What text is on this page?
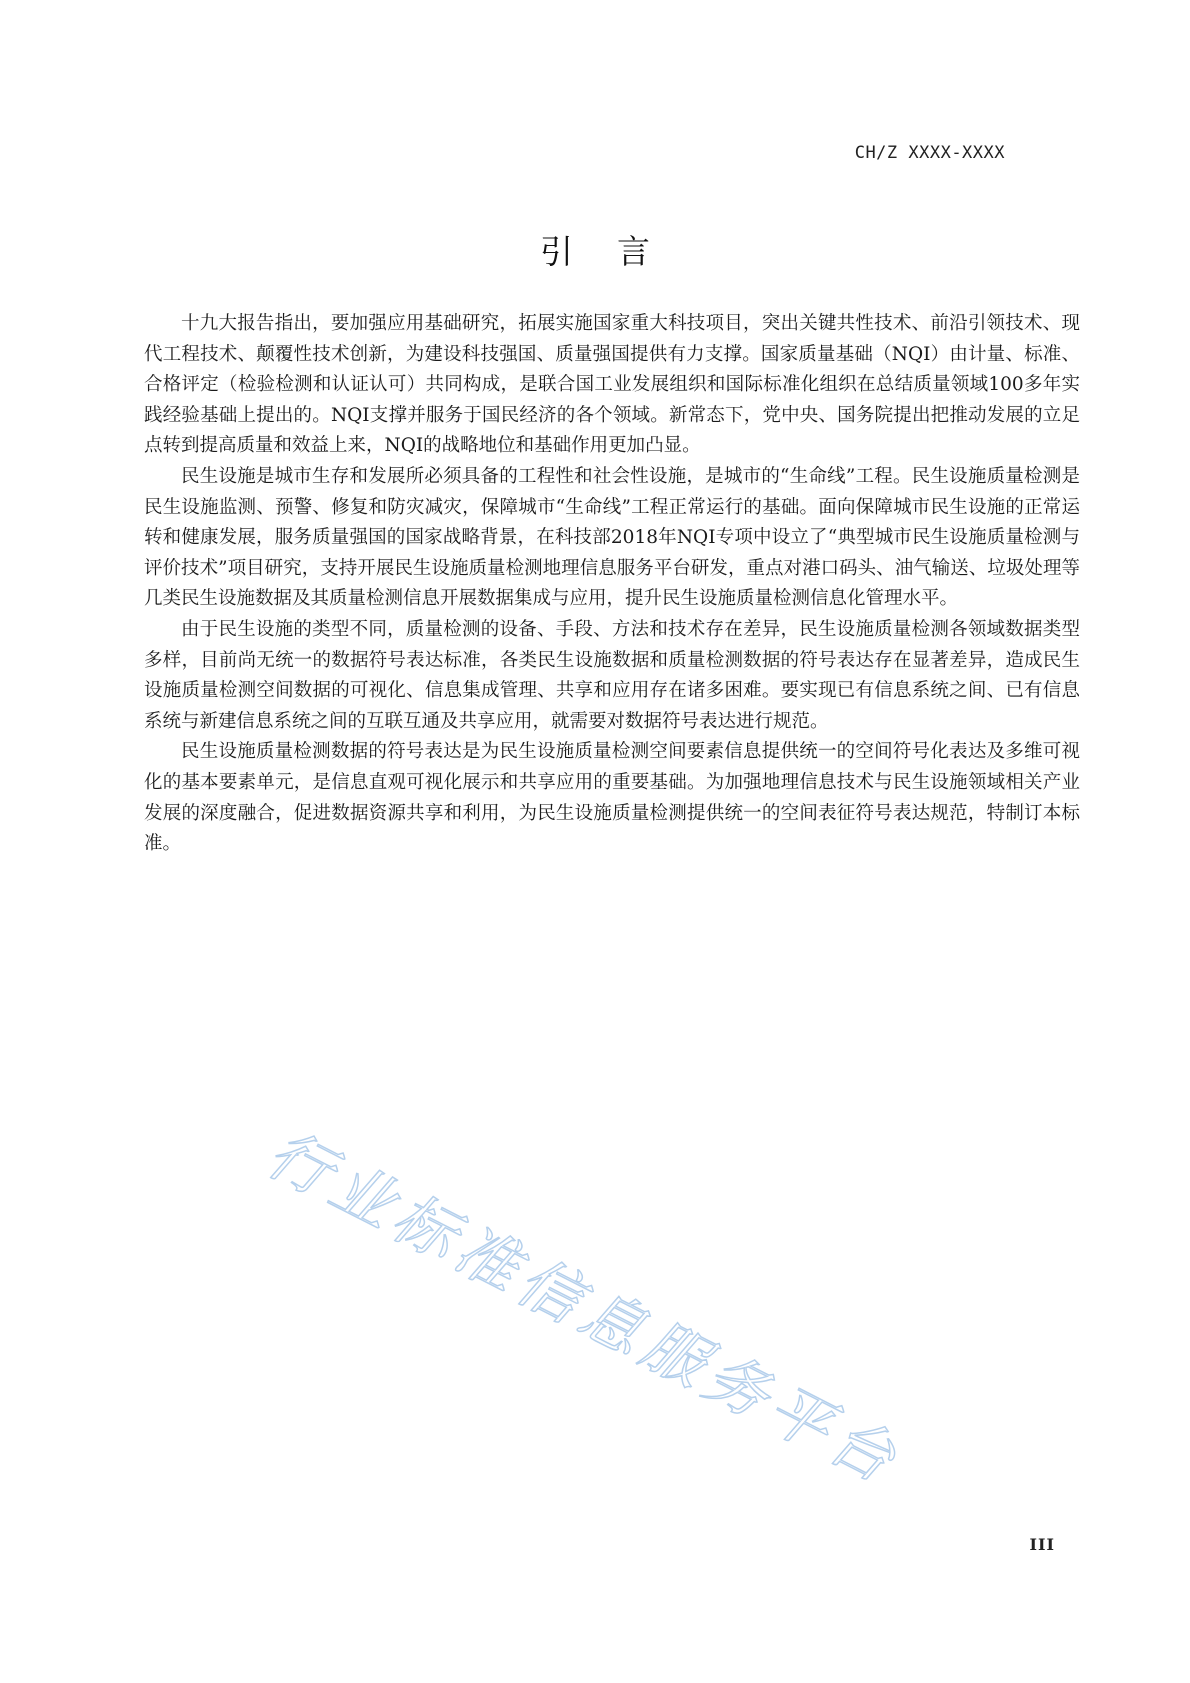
CH/Z XXXX-XXXX
引言

十九大报告指出，要加强应用基础研究，拓展实施国家重大科技项目，突出关键共性技术、前沿引领技术、现代工程技术、颠覆性技术创新，为建设科技强国、质量强国提供有力支撑。国家质量基础（NQI）由计量、标准、合格评定（检验检测和认证认可）共同构成，是联合国工业发展组织和国际标准化组织在总结质量领域100多年实践经验基础上提出的。NQI支撑并服务于国民经济的各个领域。新常态下，党中央、国务院提出把推动发展的立足点转到提高质量和效益上来，NQI的战略地位和基础作用更加凸显。

民生设施是城市生存和发展所必须具备的工程性和社会性设施，是城市的“生命线”工程。民生设施质量检测是民生设施监测、预警、修复和防灾减灾，保障城市“生命线”工程正常运行的基础。面向保障城市民生设施的正常运转和健康发展，服务质量强国的国家战略背景，在科技部2018年NQI专项中设立了“典型城市民生设施质量检测与评价技术”项目研究，支持开展民生设施质量检测地理信息服务平台研发，重点对港口码头、油气输送、垃圾处理等几类民生设施数据及其质量检测信息开展数据集成与应用，提升民生设施质量检测信息化管理水平。

由于民生设施的类型不同，质量检测的设备、手段、方法和技术存在差异，民生设施质量检测各领域数据类型多样，目前尚无统一的数据符号表达标准，各类民生设施数据和质量检测数据的符号表达存在显著差异，造成民生设施质量检测空间数据的可视化、信息集成管理、共享和应用存在诸多困难。要实现已有信息系统之间、已有信息系统与新建信息系统之间的互联互通及共享应用，就需要对数据符号表达进行规范。

民生设施质量检测数据的符号表达是为民生设施质量检测空间要素信息提供统一的空间符号化表达及多维可视化的基本要素单元，是信息直观可视化展示和共享应用的重要基础。为加强地理信息技术与民生设施领域相关产业发展的深度融合，促进数据资源共享和利用，为民生设施质量检测提供统一的空间表征符号表达规范，特制订本标准。

行业标准信息服务平台
III
